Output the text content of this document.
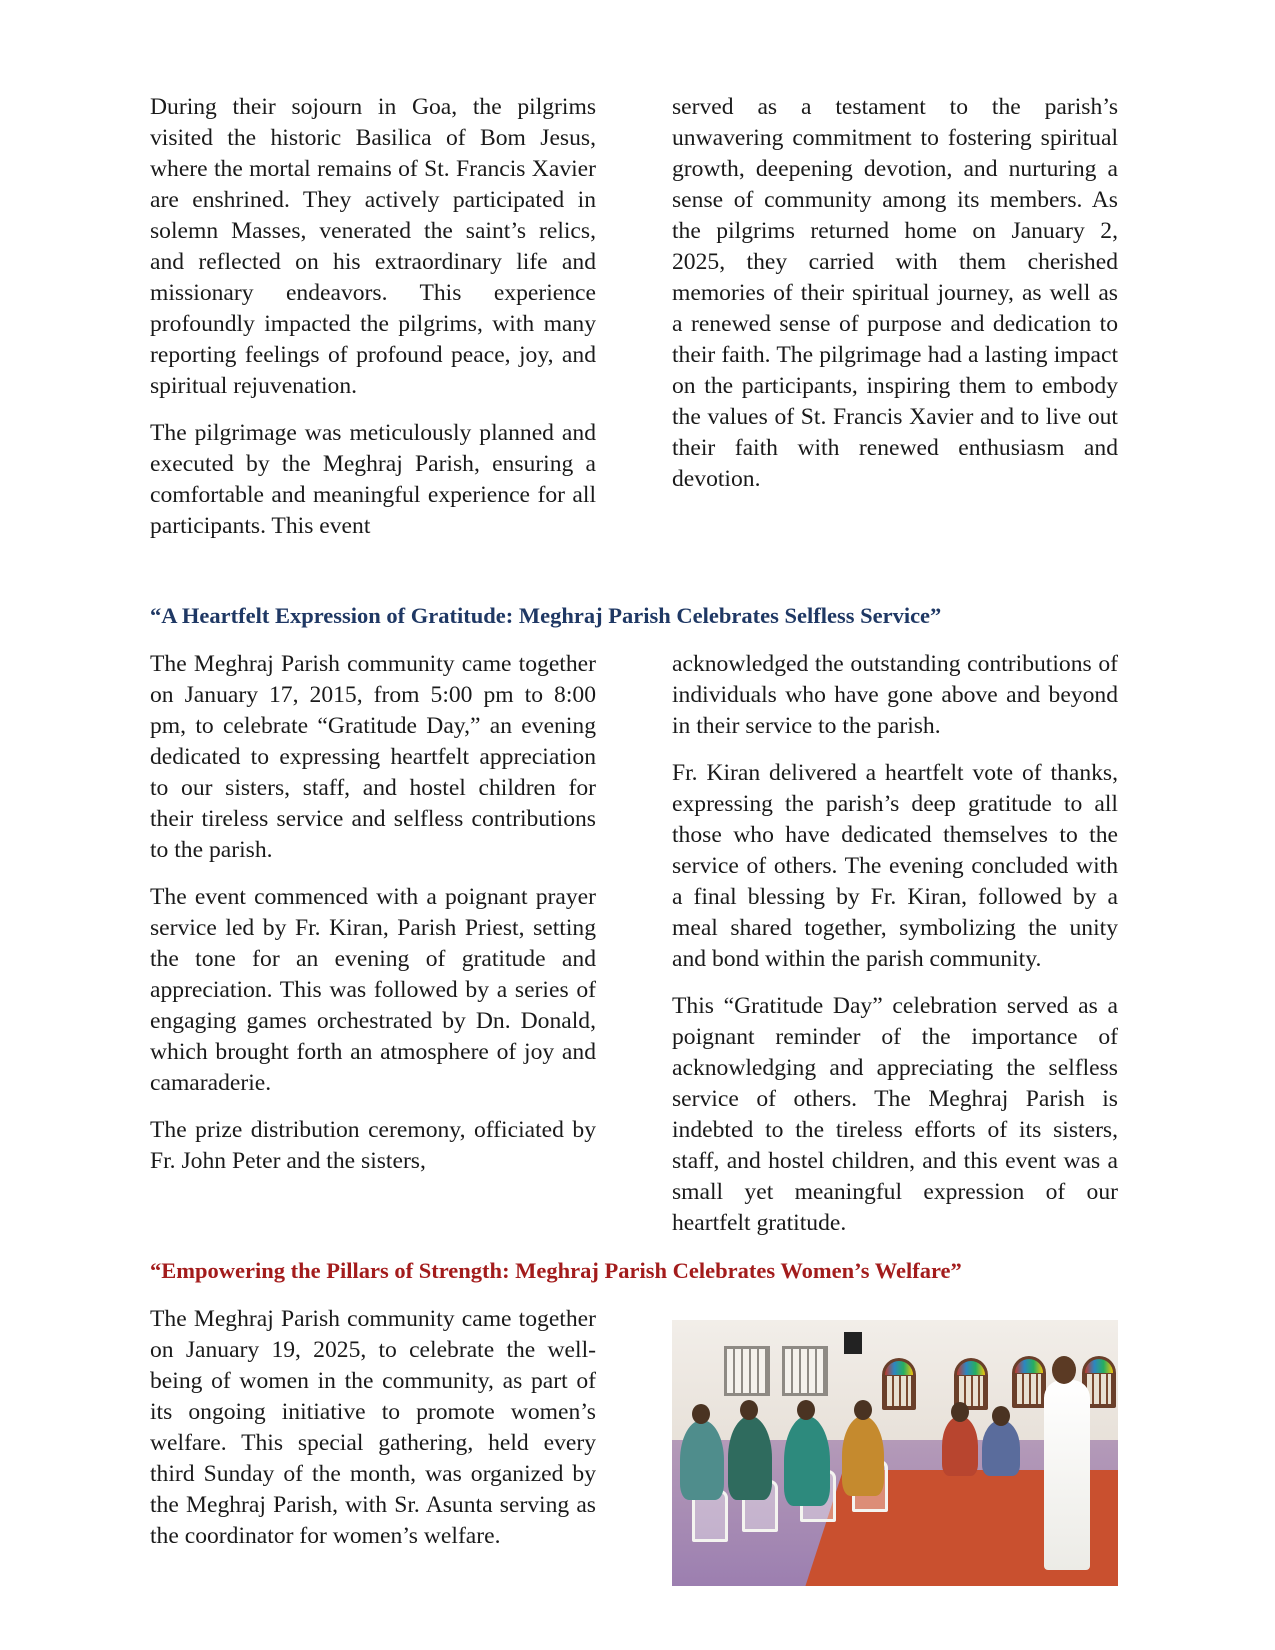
During their sojourn in Goa, the pilgrims visited the historic Basilica of Bom Jesus, where the mortal remains of St. Francis Xavier are enshrined. They actively participated in solemn Masses, venerated the saint’s relics, and reflected on his extraordinary life and missionary endeavors. This experience profoundly impacted the pilgrims, with many reporting feelings of profound peace, joy, and spiritual rejuvenation.

The pilgrimage was meticulously planned and executed by the Meghraj Parish, ensuring a comfortable and meaningful experience for all participants. This event

served as a testament to the parish’s unwavering commitment to fostering spiritual growth, deepening devotion, and nurturing a sense of community among its members. As the pilgrims returned home on January 2, 2025, they carried with them cherished memories of their spiritual journey, as well as a renewed sense of purpose and dedication to their faith. The pilgrimage had a lasting impact on the participants, inspiring them to embody the values of St. Francis Xavier and to live out their faith with renewed enthusiasm and devotion.

“A Heartfelt Expression of Gratitude: Meghraj Parish Celebrates Selfless Service”

The Meghraj Parish community came together on January 17, 2015, from 5:00 pm to 8:00 pm, to celebrate “Gratitude Day,” an evening dedicated to expressing heartfelt appreciation to our sisters, staff, and hostel children for their tireless service and selfless contributions to the parish.

The event commenced with a poignant prayer service led by Fr. Kiran, Parish Priest, setting the tone for an evening of gratitude and appreciation. This was followed by a series of engaging games orchestrated by Dn. Donald, which brought forth an atmosphere of joy and camaraderie.

The prize distribution ceremony, officiated by Fr. John Peter and the sisters,

acknowledged the outstanding contributions of individuals who have gone above and beyond in their service to the parish.

Fr. Kiran delivered a heartfelt vote of thanks, expressing the parish’s deep gratitude to all those who have dedicated themselves to the service of others. The evening concluded with a final blessing by Fr. Kiran, followed by a meal shared together, symbolizing the unity and bond within the parish community.

This “Gratitude Day” celebration served as a poignant reminder of the importance of acknowledging and appreciating the selfless service of others. The Meghraj Parish is indebted to the tireless efforts of its sisters, staff, and hostel children, and this event was a small yet meaningful expression of our heartfelt gratitude.

“Empowering the Pillars of Strength: Meghraj Parish Celebrates Women’s Welfare”

The Meghraj Parish community came together on January 19, 2025, to celebrate the well-being of women in the community, as part of its ongoing initiative to promote women’s welfare. This special gathering, held every third Sunday of the month, was organized by the Meghraj Parish, with Sr. Asunta serving as the coordinator for women’s welfare.
